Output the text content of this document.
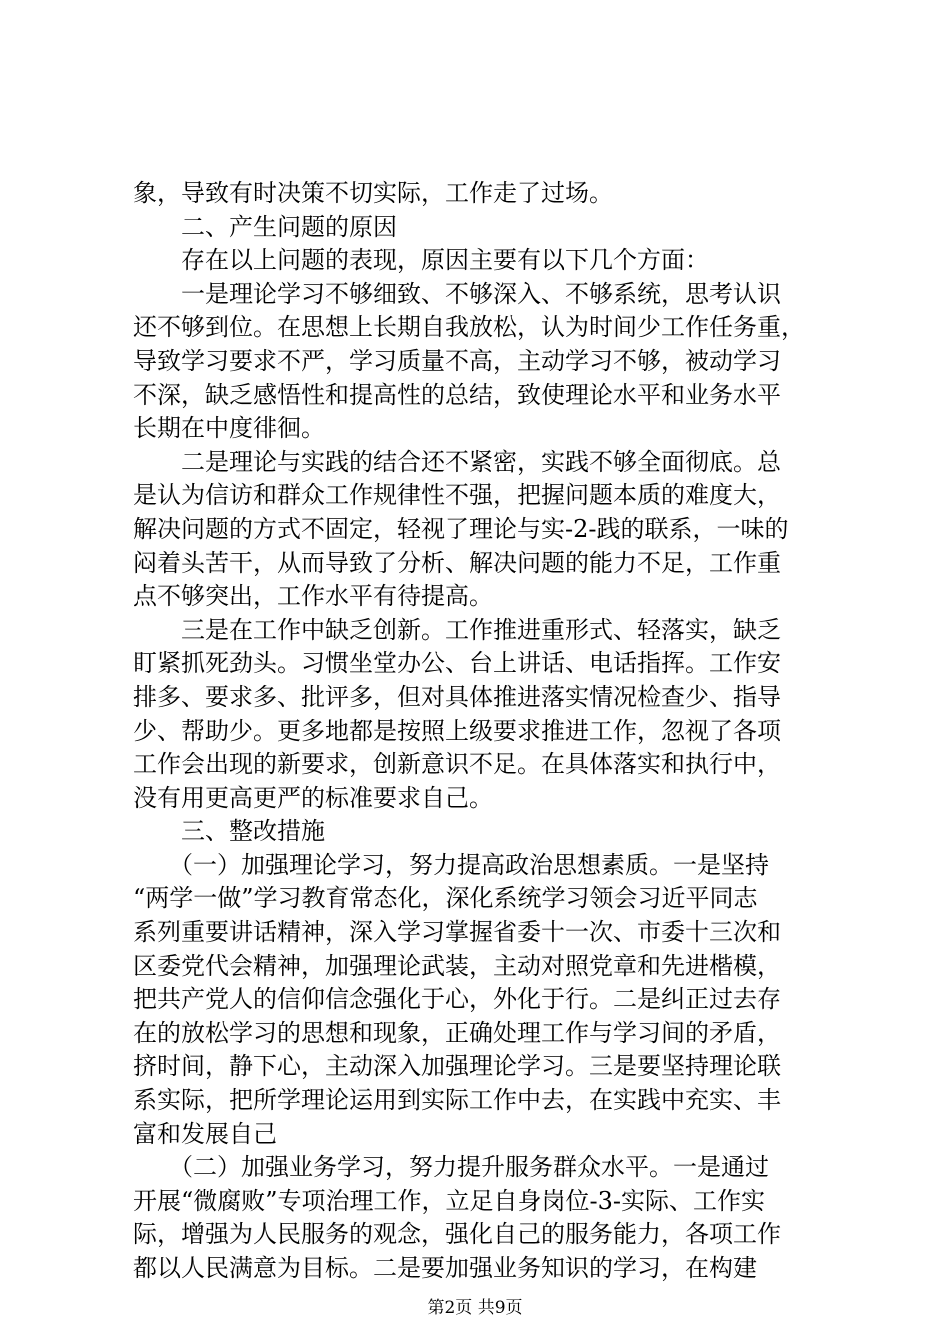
象，导致有时决策不切实际，工作走了过场。
二、产生问题的原因
存在以上问题的表现，原因主要有以下几个方面：
一是理论学习不够细致、不够深入、不够系统，思考认识
还不够到位。在思想上长期自我放松，认为时间少工作任务重，
导致学习要求不严，学习质量不高，主动学习不够，被动学习
不深，缺乏感悟性和提高性的总结，致使理论水平和业务水平
长期在中度徘徊。
二是理论与实践的结合还不紧密，实践不够全面彻底。总
是认为信访和群众工作规律性不强，把握问题本质的难度大，
解决问题的方式不固定，轻视了理论与实-2-践的联系，一味的
闷着头苦干，从而导致了分析、解决问题的能力不足，工作重
点不够突出，工作水平有待提高。
三是在工作中缺乏创新。工作推进重形式、轻落实，缺乏
盯紧抓死劲头。习惯坐堂办公、台上讲话、电话指挥。工作安
排多、要求多、批评多，但对具体推进落实情况检查少、指导
少、帮助少。更多地都是按照上级要求推进工作，忽视了各项
工作会出现的新要求，创新意识不足。在具体落实和执行中，
没有用更高更严的标准要求自己。
三、整改措施
（一）加强理论学习，努力提高政治思想素质。一是坚持
“两学一做”学习教育常态化，深化系统学习领会习近平同志
系列重要讲话精神，深入学习掌握省委十一次、市委十三次和
区委党代会精神，加强理论武装，主动对照党章和先进楷模，
把共产党人的信仰信念强化于心，外化于行。二是纠正过去存
在的放松学习的思想和现象，正确处理工作与学习间的矛盾，
挤时间，静下心，主动深入加强理论学习。三是要坚持理论联
系实际，把所学理论运用到实际工作中去，在实践中充实、丰
富和发展自己
（二）加强业务学习，努力提升服务群众水平。一是通过
开展“微腐败”专项治理工作，立足自身岗位-3-实际、工作实
际，增强为人民服务的观念，强化自己的服务能力，各项工作
都以人民满意为目标。二是要加强业务知识的学习，在构建
第2页 共9页
